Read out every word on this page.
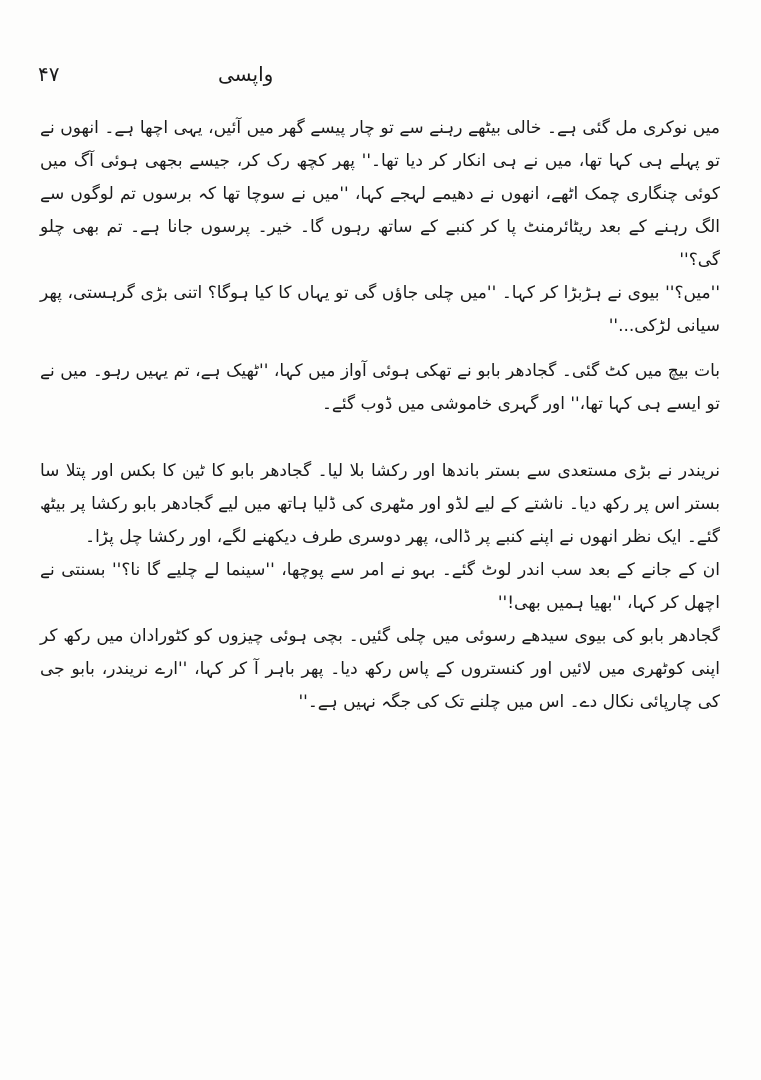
۴۷	واپسی

میں نوکری مل گئی ہے۔ خالی بیٹھے رہنے سے تو چار پیسے گھر میں آئیں، یہی اچھا ہے۔ انھوں نے تو پہلے ہی کہا تھا، میں نے ہی انکار کر دیا تھا۔'' پھر کچھ رک کر، جیسے بجھی ہوئی آگ میں کوئی چنگاری چمک اٹھے، انھوں نے دھیمے لہجے کہا، ''میں نے سوچا تھا کہ برسوں تم لوگوں سے الگ رہنے کے بعد ریٹائرمنٹ پا کر کنبے کے ساتھ رہوں گا۔ خیر۔ پرسوں جانا ہے۔ تم بھی چلو گی؟''

''میں؟'' بیوی نے ہڑبڑا کر کہا۔ ''میں چلی جاؤں گی تو یہاں کا کیا ہوگا؟ اتنی بڑی گرہستی، پھر سیانی لڑکی...''

بات بیچ میں کٹ گئی۔ گجادھر بابو نے تھکی ہوئی آواز میں کہا، ''ٹھیک ہے، تم یہیں رہو۔ میں نے تو ایسے ہی کہا تھا،'' اور گہری خاموشی میں ڈوب گئے۔

نریندر نے بڑی مستعدی سے بستر باندھا اور رکشا بلا لیا۔ گجادھر بابو کا ٹین کا بکس اور پتلا سا بستر اس پر رکھ دیا۔ ناشتے کے لیے لڈو اور مٹھری کی ڈلیا ہاتھ میں لیے گجادھر بابو رکشا پر بیٹھ گئے۔ ایک نظر انھوں نے اپنے کنبے پر ڈالی، پھر دوسری طرف دیکھنے لگے، اور رکشا چل پڑا۔

ان کے جانے کے بعد سب اندر لوٹ گئے۔ بہو نے امر سے پوچھا، ''سینما لے چلیے گا نا؟'' بسنتی نے اچھل کر کہا، ''بھیا ہمیں بھی!''

گجادھر بابو کی بیوی سیدھے رسوئی میں چلی گئیں۔ بچی ہوئی چیزوں کو کٹورادان میں رکھ کر اپنی کوٹھری میں لائیں اور کنستروں کے پاس رکھ دیا۔ پھر باہر آ کر کہا، ''ارے نریندر، بابو جی کی چارپائی نکال دے۔ اس میں چلنے تک کی جگہ نہیں ہے۔''
